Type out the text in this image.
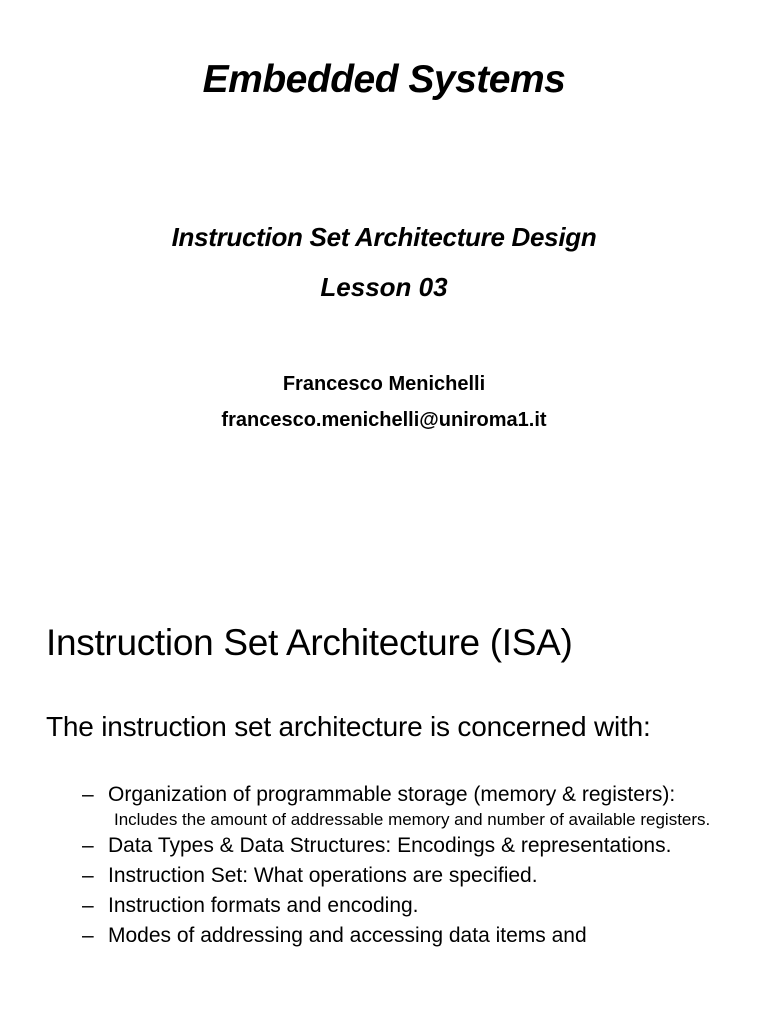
Embedded Systems
Instruction Set Architecture Design
Lesson 03
Francesco Menichelli
francesco.menichelli@uniroma1.it
Instruction Set Architecture (ISA)
The instruction set architecture is concerned with:
– Organization of programmable storage (memory & registers):
Includes the amount of addressable memory and number of available registers.
– Data Types & Data Structures: Encodings & representations.
– Instruction Set: What operations are specified.
– Instruction formats and encoding.
– Modes of addressing and accessing data items and
